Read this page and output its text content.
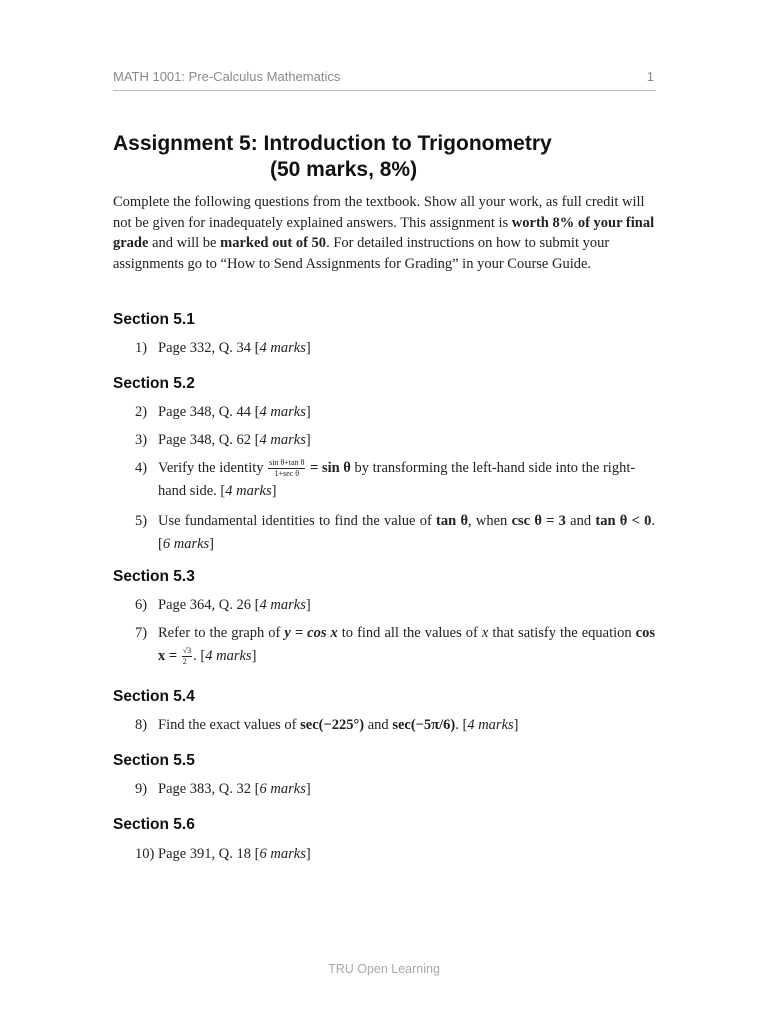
MATH 1001: Pre-Calculus Mathematics	1
Assignment 5: Introduction to Trigonometry
(50 marks, 8%)
Complete the following questions from the textbook. Show all your work, as full credit will not be given for inadequately explained answers. This assignment is worth 8% of your final grade and will be marked out of 50. For detailed instructions on how to submit your assignments go to “How to Send Assignments for Grading” in your Course Guide.
Section 5.1
1) Page 332, Q. 34 [4 marks]
Section 5.2
2) Page 348, Q. 44 [4 marks]
3) Page 348, Q. 62 [4 marks]
4) Verify the identity $\frac{\text{sin θ+tan θ}}{\text{1+sec θ}} = \sin \theta$ by transforming the left-hand side into the right-hand side. [4 marks]
5) Use fundamental identities to find the value of tan θ, when csc θ = 3 and tan θ < 0. [6 marks]
Section 5.3
6) Page 364, Q. 26 [4 marks]
7) Refer to the graph of y = cos x to find all the values of x that satisfy the equation $\cos x = \frac{√3}{2}$ . [4 marks]
Section 5.4
8) Find the exact values of sec(−225°) and sec(−5π/6). [4 marks]
Section 5.5
9) Page 383, Q. 32 [6 marks]
Section 5.6
10) Page 391, Q. 18 [6 marks]
TRU Open Learning
